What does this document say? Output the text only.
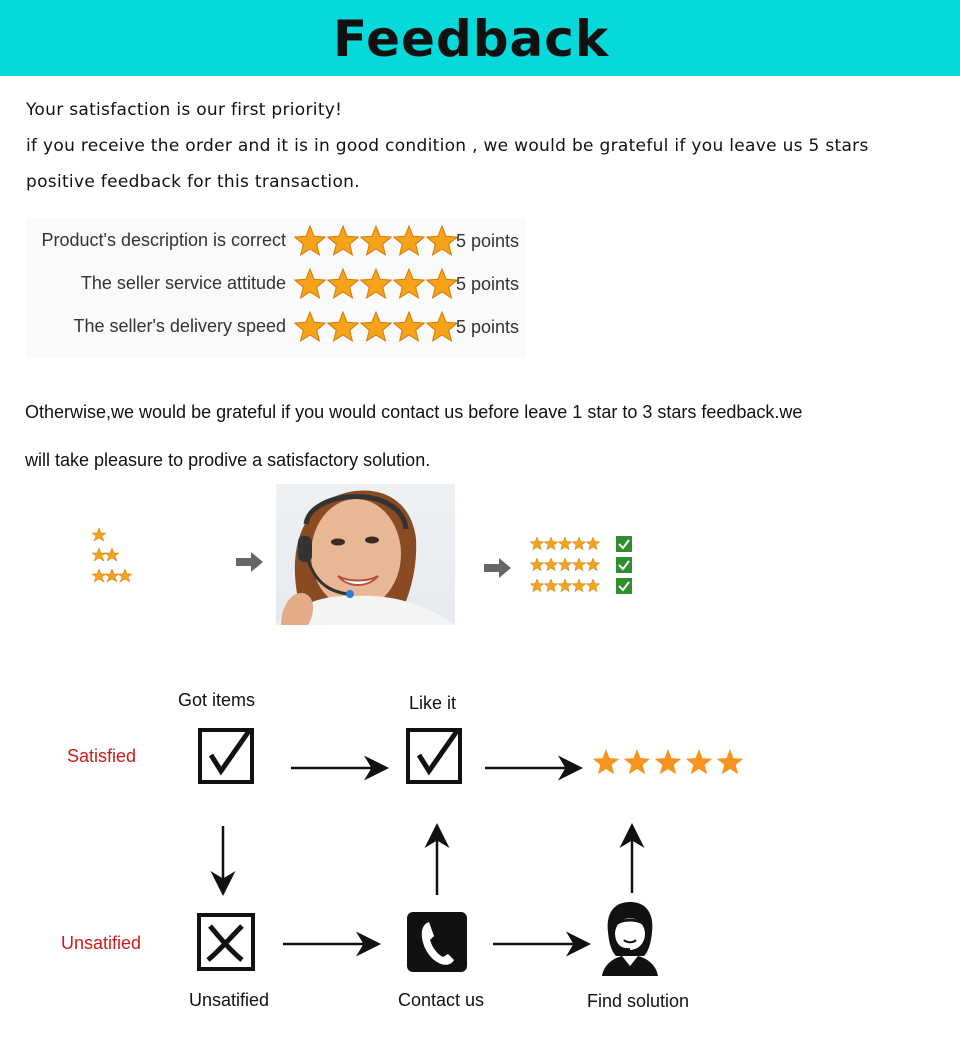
Feedback
Your satisfaction is our first priority!
if you receive the order and it is in good condition , we would be grateful if you leave us 5 stars
positive feedback for this transaction.
Product's description is correct	5 points
The seller service attitude	5 points
The seller's delivery speed	5 points
Otherwise,we would be grateful if you would contact us before leave 1 star to 3 stars feedback.we
will take pleasure to prodive a satisfactory solution.
Got items	Like it
Satisfied
Unsatified
Unsatified	Contact us	Find solution
